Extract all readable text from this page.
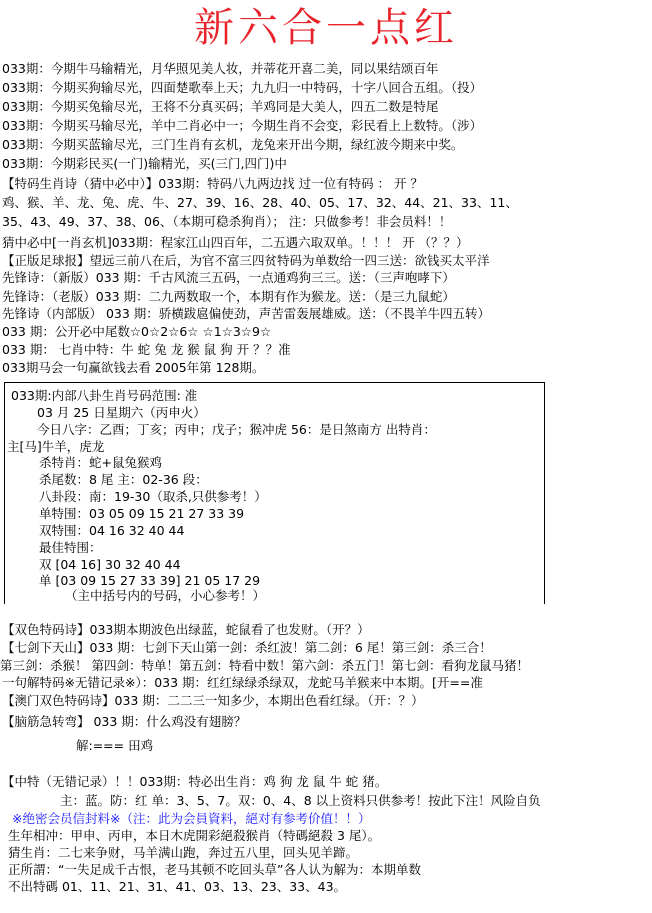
新六合一点红
033期：今期牛马输精光，月华照见美人妆，并蒂花开喜二美，同以果结颂百年
033期：今期买狗输尽光，四面楚歌奉上天；九九归一中特码，十字八回合五组。（投）
033期：今期买兔输尽光，王将不分真买码；羊鸡同是大美人，四五二数是特尾
033期：今期买马输尽光，羊中二肖必中一；今期生肖不会变，彩民看上上数特。（涉）
033期：今期买蓝输尽光，三门生肖有玄机，龙兔来开出今期，绿红波今期来中奖。
033期：今期彩民买(一门)输精光，买(三门,四门)中
【特码生肖诗（猜中必中）】033期：特码八九两边找 过一位有特码 ： 开 ？
鸡、猴、羊、龙、兔、虎、牛、27、39、16、28、40、05、17、32、44、21、33、11、
35、43、49、37、38、06、（本期可稳杀狗肖）； 注：只做参考！非会员料！！
猜中必中[一肖玄机]033期：程家江山四百年，二五遇六取双单。！！！ 开 （？？）
【正版足球报】望远三前八在后，为官不富三四贫特码为单数给一四三送：欲钱买太平洋
先锋诗：（新版）033 期：千古风流三五码，一点通鸡狗三三。送：（三声咆哮下）
先锋诗：（老版）033 期：二九两数取一个，本期有作为猴龙。送：（是三九鼠蛇）
先锋诗（内部版） 033 期：骄横跋扈偏使劲，声苦雷轰展雄威。送：（不畏羊牛四五转）
033 期：公开必中尾数☆0☆2☆6☆ ☆1☆3☆9☆
033 期： 七肖中特：牛 蛇 兔 龙 猴 鼠 狗 开 ？？准
033期马会一句赢欲钱去看 2005年第 128期。
033期:内部八卦生肖号码范围: 准
03 月 25 日星期六（丙申火）
今日八字：乙酉；丁亥；丙申；戊子；猴冲虎 56：是日煞南方 出特肖：
主[马]牛羊，虎龙
杀特肖：蛇+鼠兔猴鸡
杀尾数：8 尾 主：02-36 段：
八卦段：南：19-30（取杀,只供参考！）
单特围：03 05 09 15 21 27 33 39
双特围：04 16 32 40 44
最佳特围：
双 [04 16] 30 32 40 44
单 [03 09 15 27 33 39] 21 05 17 29
（主中括号内的号码，小心参考！）
【双色特码诗】033期本期波色出绿蓝，蛇鼠看了也发财。（开？）
【七剑下天山】033 期：七剑下天山第一剑：杀红波！第二剑：6 尾！第三剑：杀三合！
第三剑：杀猴！ 第四剑：特单！第五剑：特看中数！第六剑：杀五门！第七剑：看狗龙鼠马猪！
一句解特码※无错记录※）：033 期：红红绿绿杀绿双，龙蛇马羊猴来中本期。[开==准
【澳门双色特码诗】033 期：二二三一知多少，本期出色看红绿。（开：？）
【脑筋急转弯】 033 期：什么鸡没有翅膀？
解:=== 田鸡
【中特（无错记录）！！033期：特必出生肖：鸡 狗 龙 鼠 牛 蛇 猪。
主：蓝。防：红 单：3、5、7。双：0、4、8 以上资料只供参考！按此下注！风险自负
※绝密会员信封料※（注：此为会員資料，絕对有参考价值！！）
生年相冲：甲申、丙申，本日木虎開彩絕殺猴肖（特碼絕殺 3 尾）。
猜生肖：二七来争财，马羊满山跑，奔过五八里，回头见羊蹄。
正所謂：“一失足成千古恨，老马其顿不吃回头草”各人认为解为：本期单数
不出特碼 01、11、21、31、41、03、13、23、33、43。
